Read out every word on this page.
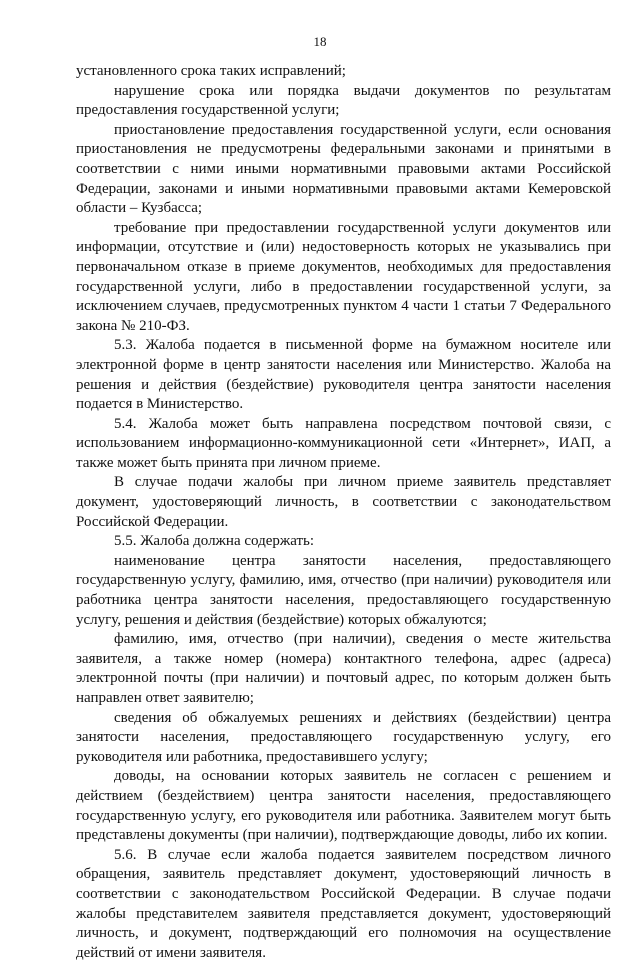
18

установленного срока таких исправлений;

нарушение срока или порядка выдачи документов по результатам предоставления государственной услуги;

приостановление предоставления государственной услуги, если основания приостановления не предусмотрены федеральными законами и принятыми в соответствии с ними иными нормативными правовыми актами Российской Федерации, законами и иными нормативными правовыми актами Кемеровской области – Кузбасса;

требование при предоставлении государственной услуги документов или информации, отсутствие и (или) недостоверность которых не указывались при первоначальном отказе в приеме документов, необходимых для предоставления государственной услуги, либо в предоставлении государственной услуги, за исключением случаев, предусмотренных пунктом 4 части 1 статьи 7 Федерального закона № 210-ФЗ.

5.3. Жалоба подается в письменной форме на бумажном носителе или электронной форме в центр занятости населения или Министерство. Жалоба на решения и действия (бездействие) руководителя центра занятости населения подается в Министерство.

5.4. Жалоба может быть направлена посредством почтовой связи, с использованием информационно-коммуникационной сети «Интернет», ИАП, а также может быть принята при личном приеме.

В случае подачи жалобы при личном приеме заявитель представляет документ, удостоверяющий личность, в соответствии с законодательством Российской Федерации.

5.5. Жалоба должна содержать:

наименование центра занятости населения, предоставляющего государственную услугу, фамилию, имя, отчество (при наличии) руководителя или работника центра занятости населения, предоставляющего государственную услугу, решения и действия (бездействие) которых обжалуются;

фамилию, имя, отчество (при наличии), сведения о месте жительства заявителя, а также номер (номера) контактного телефона, адрес (адреса) электронной почты (при наличии) и почтовый адрес, по которым должен быть направлен ответ заявителю;

сведения об обжалуемых решениях и действиях (бездействии) центра занятости населения, предоставляющего государственную услугу, его руководителя или работника, предоставившего услугу;

доводы, на основании которых заявитель не согласен с решением и действием (бездействием) центра занятости населения, предоставляющего государственную услугу, его руководителя или работника. Заявителем могут быть представлены документы (при наличии), подтверждающие доводы, либо их копии.

5.6. В случае если жалоба подается заявителем посредством личного обращения, заявитель представляет документ, удостоверяющий личность в соответствии с законодательством Российской Федерации. В случае подачи жалобы представителем заявителя представляется документ, удостоверяющий личность, и документ, подтверждающий его полномочия на осуществление действий от имени заявителя.
